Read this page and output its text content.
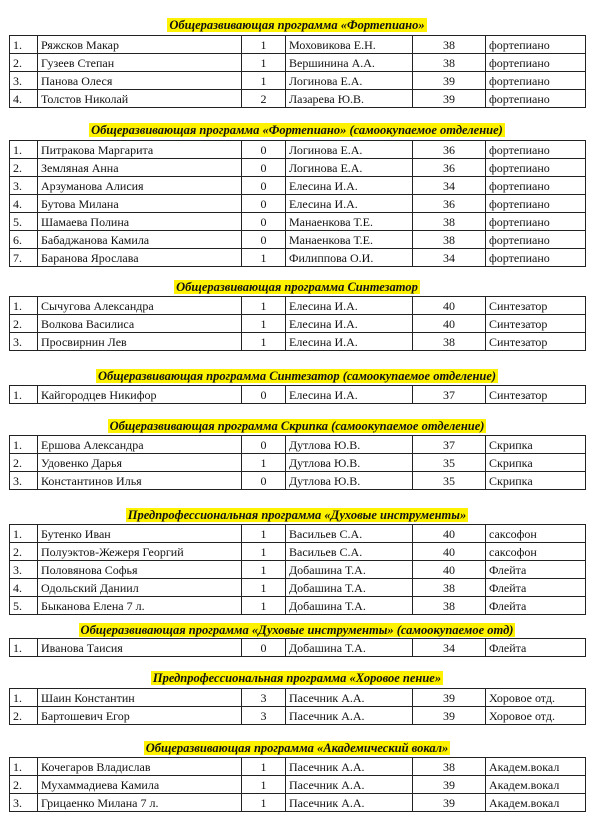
Общеразвивающая программа «Фортепиано»
1.	Ряжсков Макар	1	Моховикова Е.Н.	38	фортепиано
2.	Гузеев Степан	1	Вершинина А.А.	38	фортепиано
3.	Панова Олеся	1	Логинова Е.А.	39	фортепиано
4.	Толстов Николай	2	Лазарева Ю.В.	39	фортепиано
Общеразвивающая программа «Фортепиано» (самоокупаемое отделение)
1.	Питракова Маргарита	0	Логинова Е.А.	36	фортепиано
2.	Земляная Анна	0	Логинова Е.А.	36	фортепиано
3.	Арзуманова Алисия	0	Елесина И.А.	34	фортепиано
4.	Бутова Милана	0	Елесина И.А.	36	фортепиано
5.	Шамаева Полина	0	Манаенкова Т.Е.	38	фортепиано
6.	Бабаджанова Камила	0	Манаенкова Т.Е.	38	фортепиано
7.	Баранова Ярослава	1	Филиппова О.И.	34	фортепиано
Общеразвивающая программа Синтезатор
1.	Сычугова Александра	1	Елесина И.А.	40	Синтезатор
2.	Волкова Василиса	1	Елесина И.А.	40	Синтезатор
3.	Просвирнин Лев	1	Елесина И.А.	38	Синтезатор
Общеразвивающая программа Синтезатор (самоокупаемое отделение)
1.	Кайгородцев Никифор	0	Елесина И.А.	37	Синтезатор
Общеразвивающая программа Скрипка (самоокупаемое отделение)
1.	Ершова Александра	0	Дутлова Ю.В.	37	Скрипка
2.	Удовенко Дарья	1	Дутлова Ю.В.	35	Скрипка
3.	Константинов Илья	0	Дутлова Ю.В.	35	Скрипка
Предпрофессиональная программа «Духовые инструменты»
1.	Бутенко Иван	1	Васильев С.А.	40	саксофон
2.	Полуэктов-Жежеря Георгий	1	Васильев С.А.	40	саксофон
3.	Половянова Софья	1	Добашина Т.А.	40	Флейта
4.	Одольский Даниил	1	Добашина Т.А.	38	Флейта
5.	Быканова Елена 7 л.	1	Добашина Т.А.	38	Флейта
Общеразвивающая программа «Духовые инструменты» (самоокупаемое отд)
1.	Иванова Таисия	0	Добашина Т.А.	34	Флейта
Предпрофессиональная программа «Хоровое пение»
1.	Шаин Константин	3	Пасечник А.А.	39	Хоровое отд.
2.	Бартошевич Егор	3	Пасечник А.А.	39	Хоровое отд.
Общеразвивающая программа «Академический вокал»
1.	Кочегаров Владислав	1	Пасечник А.А.	38	Академ.вокал
2.	Мухаммадиева Камила	1	Пасечник А.А.	39	Академ.вокал
3.	Грицаенко Милана 7 л.	1	Пасечник А.А.	39	Академ.вокал
